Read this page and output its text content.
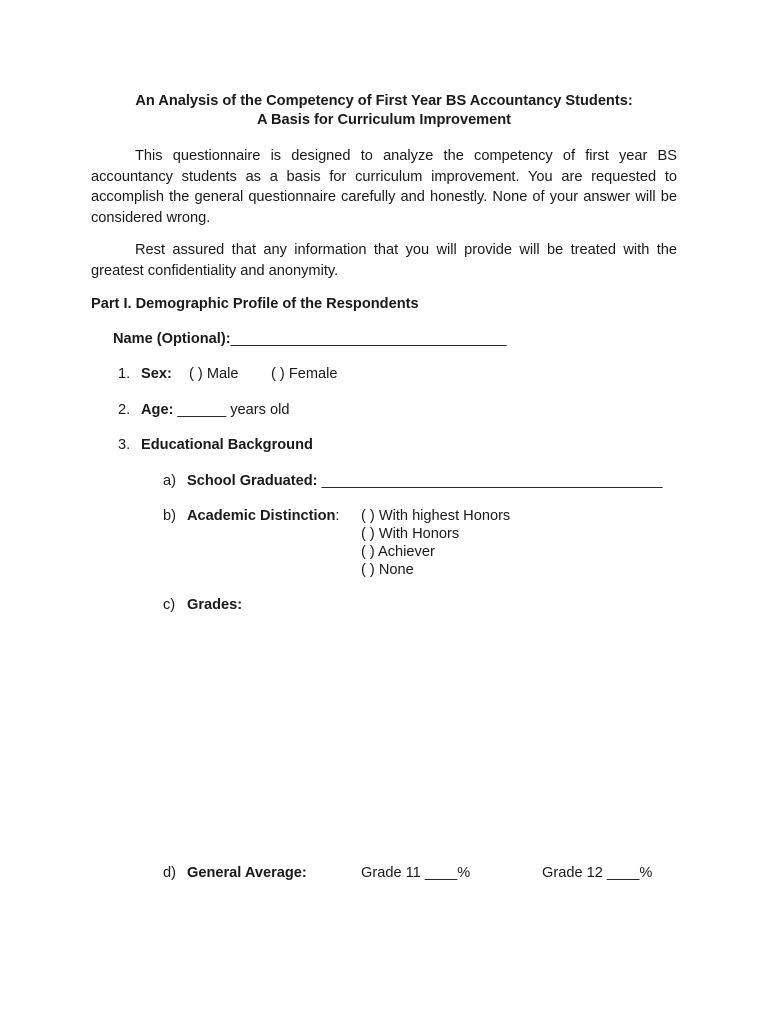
An Analysis of the Competency of First Year BS Accountancy Students:
A Basis for Curriculum Improvement
This questionnaire is designed to analyze the competency of first year BS accountancy students as a basis for curriculum improvement. You are requested to accomplish the general questionnaire carefully and honestly. None of your answer will be considered wrong.
Rest assured that any information that you will provide will be treated with the greatest confidentiality and anonymity.
Part I. Demographic Profile of the Respondents
Name (Optional):__________________________________
1. Sex: ( ) Male ( ) Female
2. Age: ______ years old
3. Educational Background
a) School Graduated: __________________________________________
b) Academic Distinction: ( ) With highest Honors
( ) With Honors
( ) Achiever
( ) None
c) Grades:
d) General Average:	Grade 11 ____%	Grade 12 ____%
